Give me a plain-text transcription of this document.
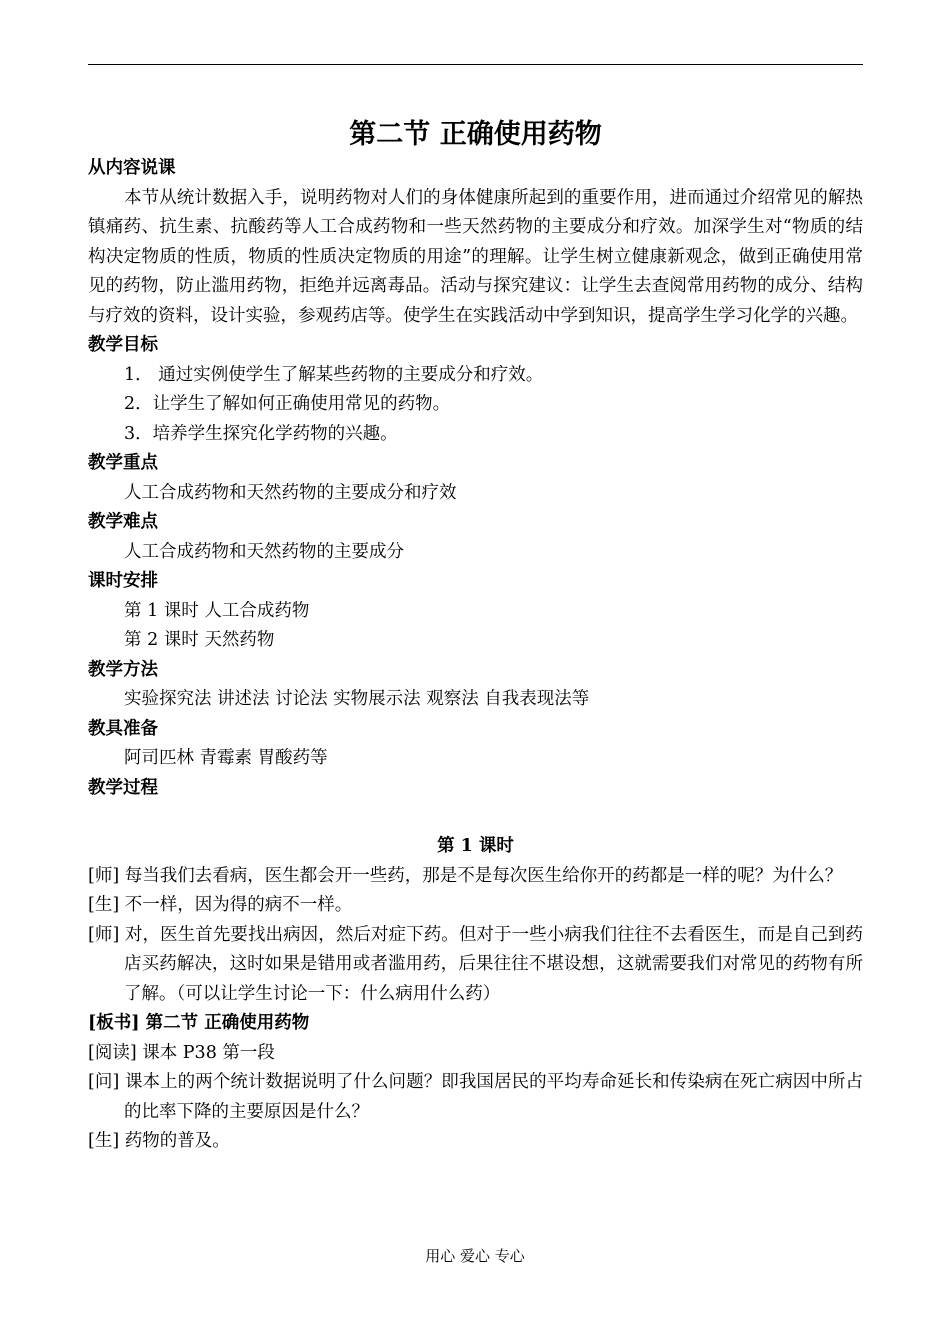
第二节 正确使用药物
从内容说课
本节从统计数据入手，说明药物对人们的身体健康所起到的重要作用，进而通过介绍常见的解热镇痛药、抗生素、抗酸药等人工合成药物和一些天然药物的主要成分和疗效。加深学生对“物质的结构决定物质的性质，物质的性质决定物质的用途”的理解。让学生树立健康新观念，做到正确使用常见的药物，防止滥用药物，拒绝并远离毒品。活动与探究建议：让学生去查阅常用药物的成分、结构与疗效的资料，设计实验，参观药店等。使学生在实践活动中学到知识，提高学生学习化学的兴趣。
教学目标
1． 通过实例使学生了解某些药物的主要成分和疗效。
2．让学生了解如何正确使用常见的药物。
3．培养学生探究化学药物的兴趣。
教学重点
人工合成药物和天然药物的主要成分和疗效
教学难点
人工合成药物和天然药物的主要成分
课时安排
第 1 课时 人工合成药物
第 2 课时 天然药物
教学方法
实验探究法 讲述法 讨论法 实物展示法 观察法 自我表现法等
教具准备
阿司匹林 青霉素 胃酸药等
教学过程
第 1 课时
[师] 每当我们去看病，医生都会开一些药，那是不是每次医生给你开的药都是一样的呢？为什么？
[生] 不一样，因为得的病不一样。
[师] 对，医生首先要找出病因，然后对症下药。但对于一些小病我们往往不去看医生，而是自己到药店买药解决，这时如果是错用或者滥用药，后果往往不堪设想，这就需要我们对常见的药物有所了解。（可以让学生讨论一下：什么病用什么药）
[板书] 第二节 正确使用药物
[阅读] 课本 P38 第一段
[问] 课本上的两个统计数据说明了什么问题？即我国居民的平均寿命延长和传染病在死亡病因中所占的比率下降的主要原因是什么？
[生] 药物的普及。
用心 爱心 专心
